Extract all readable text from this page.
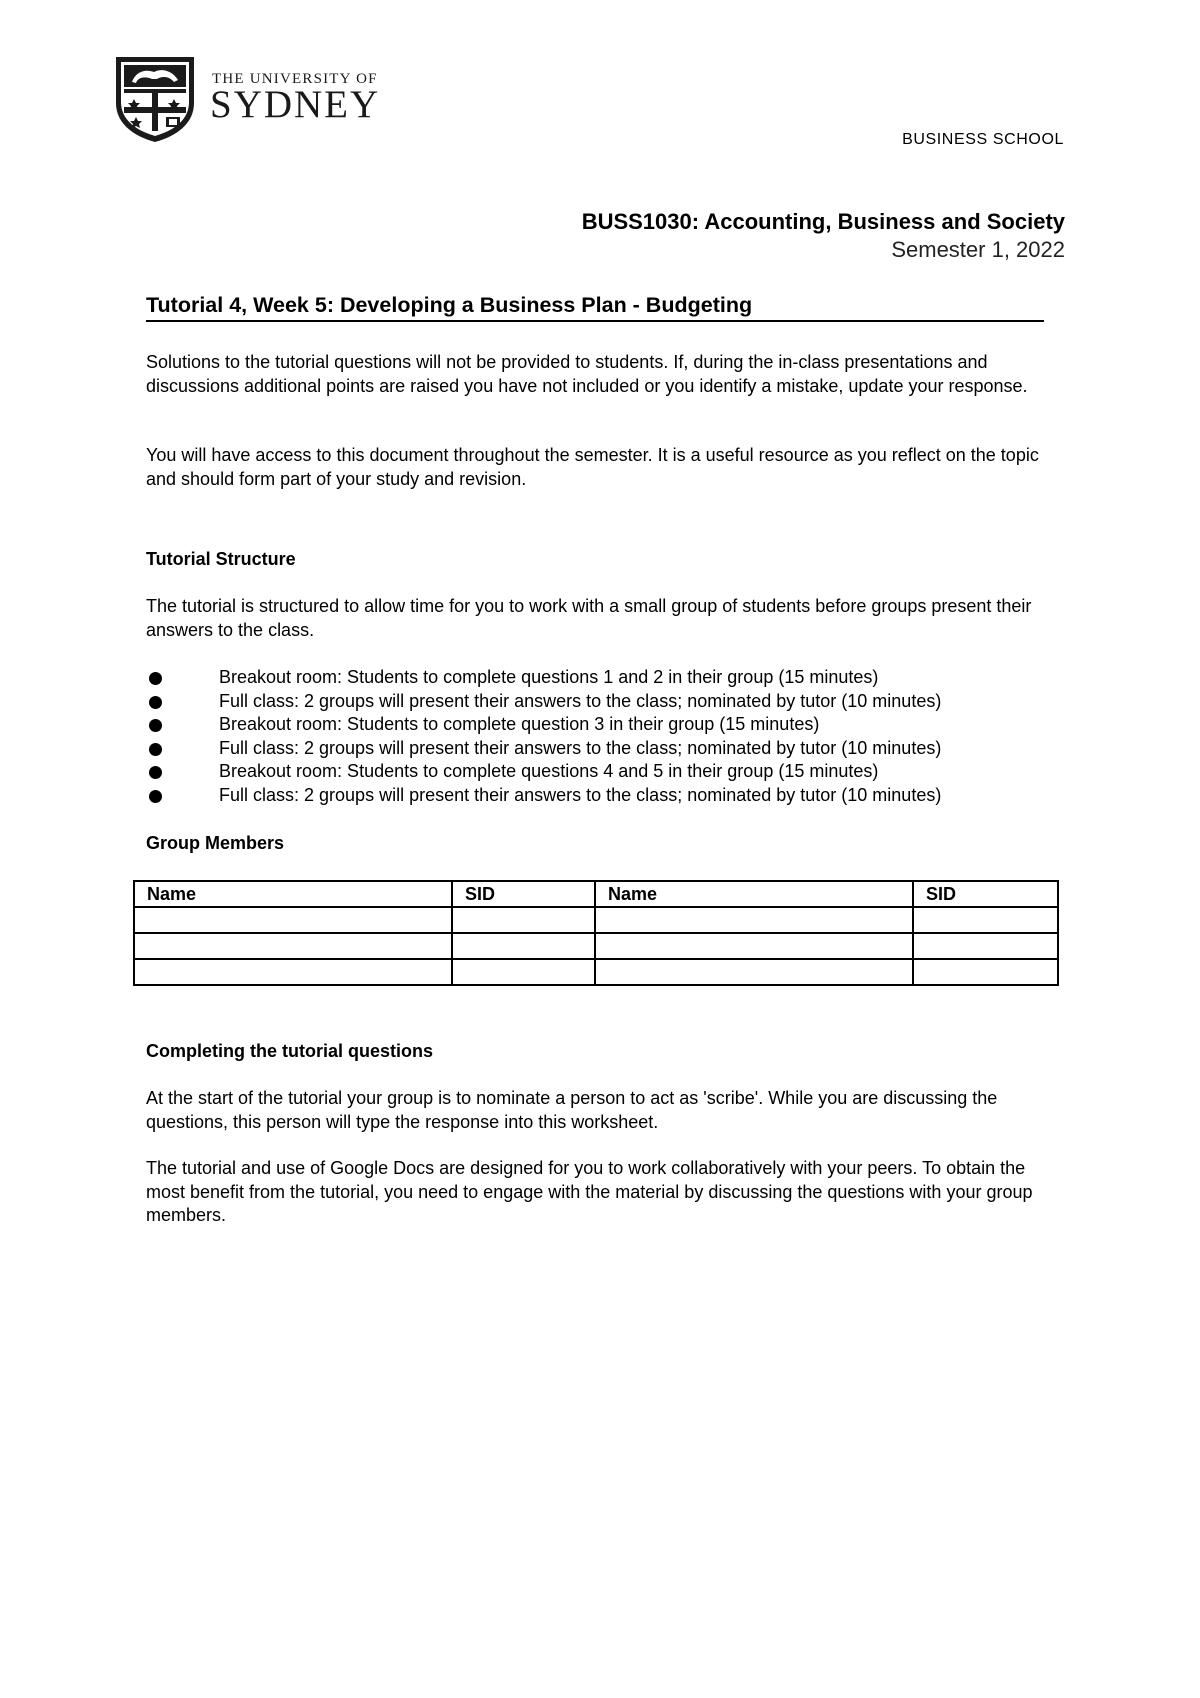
THE UNIVERSITY OF
SYDNEY
BUSINESS SCHOOL
BUSS1030: Accounting, Business and Society
Semester 1, 2022
Tutorial 4, Week 5: Developing a Business Plan - Budgeting
Solutions to the tutorial questions will not be provided to students. If, during the in-class presentations and discussions additional points are raised you have not included or you identify a mistake, update your response.
You will have access to this document throughout the semester. It is a useful resource as you reflect on the topic and should form part of your study and revision.
Tutorial Structure
The tutorial is structured to allow time for you to work with a small group of students before groups present their answers to the class.
Breakout room: Students to complete questions 1 and 2 in their group (15 minutes)
Full class: 2 groups will present their answers to the class; nominated by tutor (10 minutes)
Breakout room: Students to complete question 3 in their group (15 minutes)
Full class: 2 groups will present their answers to the class; nominated by tutor (10 minutes)
Breakout room: Students to complete questions 4 and 5 in their group (15 minutes)
Full class: 2 groups will present their answers to the class; nominated by tutor (10 minutes)
Group Members
Name	SID	Name	SID

Completing the tutorial questions
At the start of the tutorial your group is to nominate a person to act as 'scribe'. While you are discussing the questions, this person will type the response into this worksheet.
The tutorial and use of Google Docs are designed for you to work collaboratively with your peers. To obtain the most benefit from the tutorial, you need to engage with the material by discussing the questions with your group members.
